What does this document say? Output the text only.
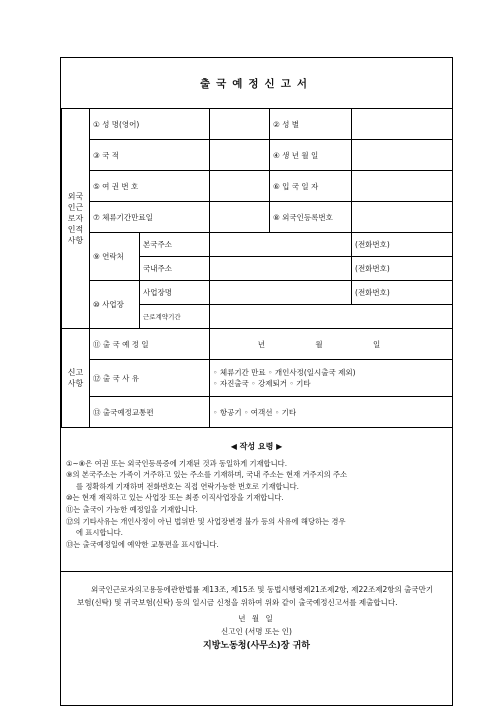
출국예정신고서
외국
인근
로자
인적
사항	① 성 명(영어)			② 성 별	
	③ 국 적			④ 생 년 월 일	
	⑤ 여 권 번 호			⑥ 입 국 일 자	
	⑦ 체류기간만료일			⑧ 외국인등록번호	
	⑨ 연락처	본국주소			(전화번호)
		국내주소			(전화번호)
	⑩ 사업장	사업장명			(전화번호)
		근로계약기간			
신고
사항	⑪ 출 국 예 정 일		년 월 일		
	⑫ 출 국 사 유		◦ 체류기간 만료 ◦ 개인사정(일시출국 제외)
◦ 자진출국 ◦ 강제퇴거 ◦ 기타		

	⑬ 출국예정교통편		◦ 항공기 ◦ 여객선 ◦ 기타		
◀ 작성 요령 ▶

①~⑧은 여권 또는 외국인등록증에 기재된 것과 동일하게 기재합니다.

⑨의 본국주소는 가족이 거주하고 있는 주소를 기재하며, 국내 주소는 현재 거주지의 주소

를 정확하게 기재하며 전화번호는 직접 연락가능한 번호로 기재합니다.

⑩는 현재 재직하고 있는 사업장 또는 최종 이직사업장을 기재합니다.

⑪는 출국이 가능한 예정일을 기재합니다.

⑫의 기타사유는 개인사정이 아닌 법위반 및 사업장변경 불가 등의 사유에 해당하는 경우

에 표시합니다.

⑬는 출국예정일에 예약한 교통편을 표시합니다.

외국인근로자의고용등에관한법률 제13조, 제15조 및 동법시행령제21조제2항, 제22조제2항의 출국만기보험(신탁) 및 귀국보험(신탁) 등의 일시금 신청을 위하여 위와 같이 출국예정신고서를 제출합니다.
년 월 일
신고인 (서명 또는 인)
지방노동청(사무소)장 귀하
